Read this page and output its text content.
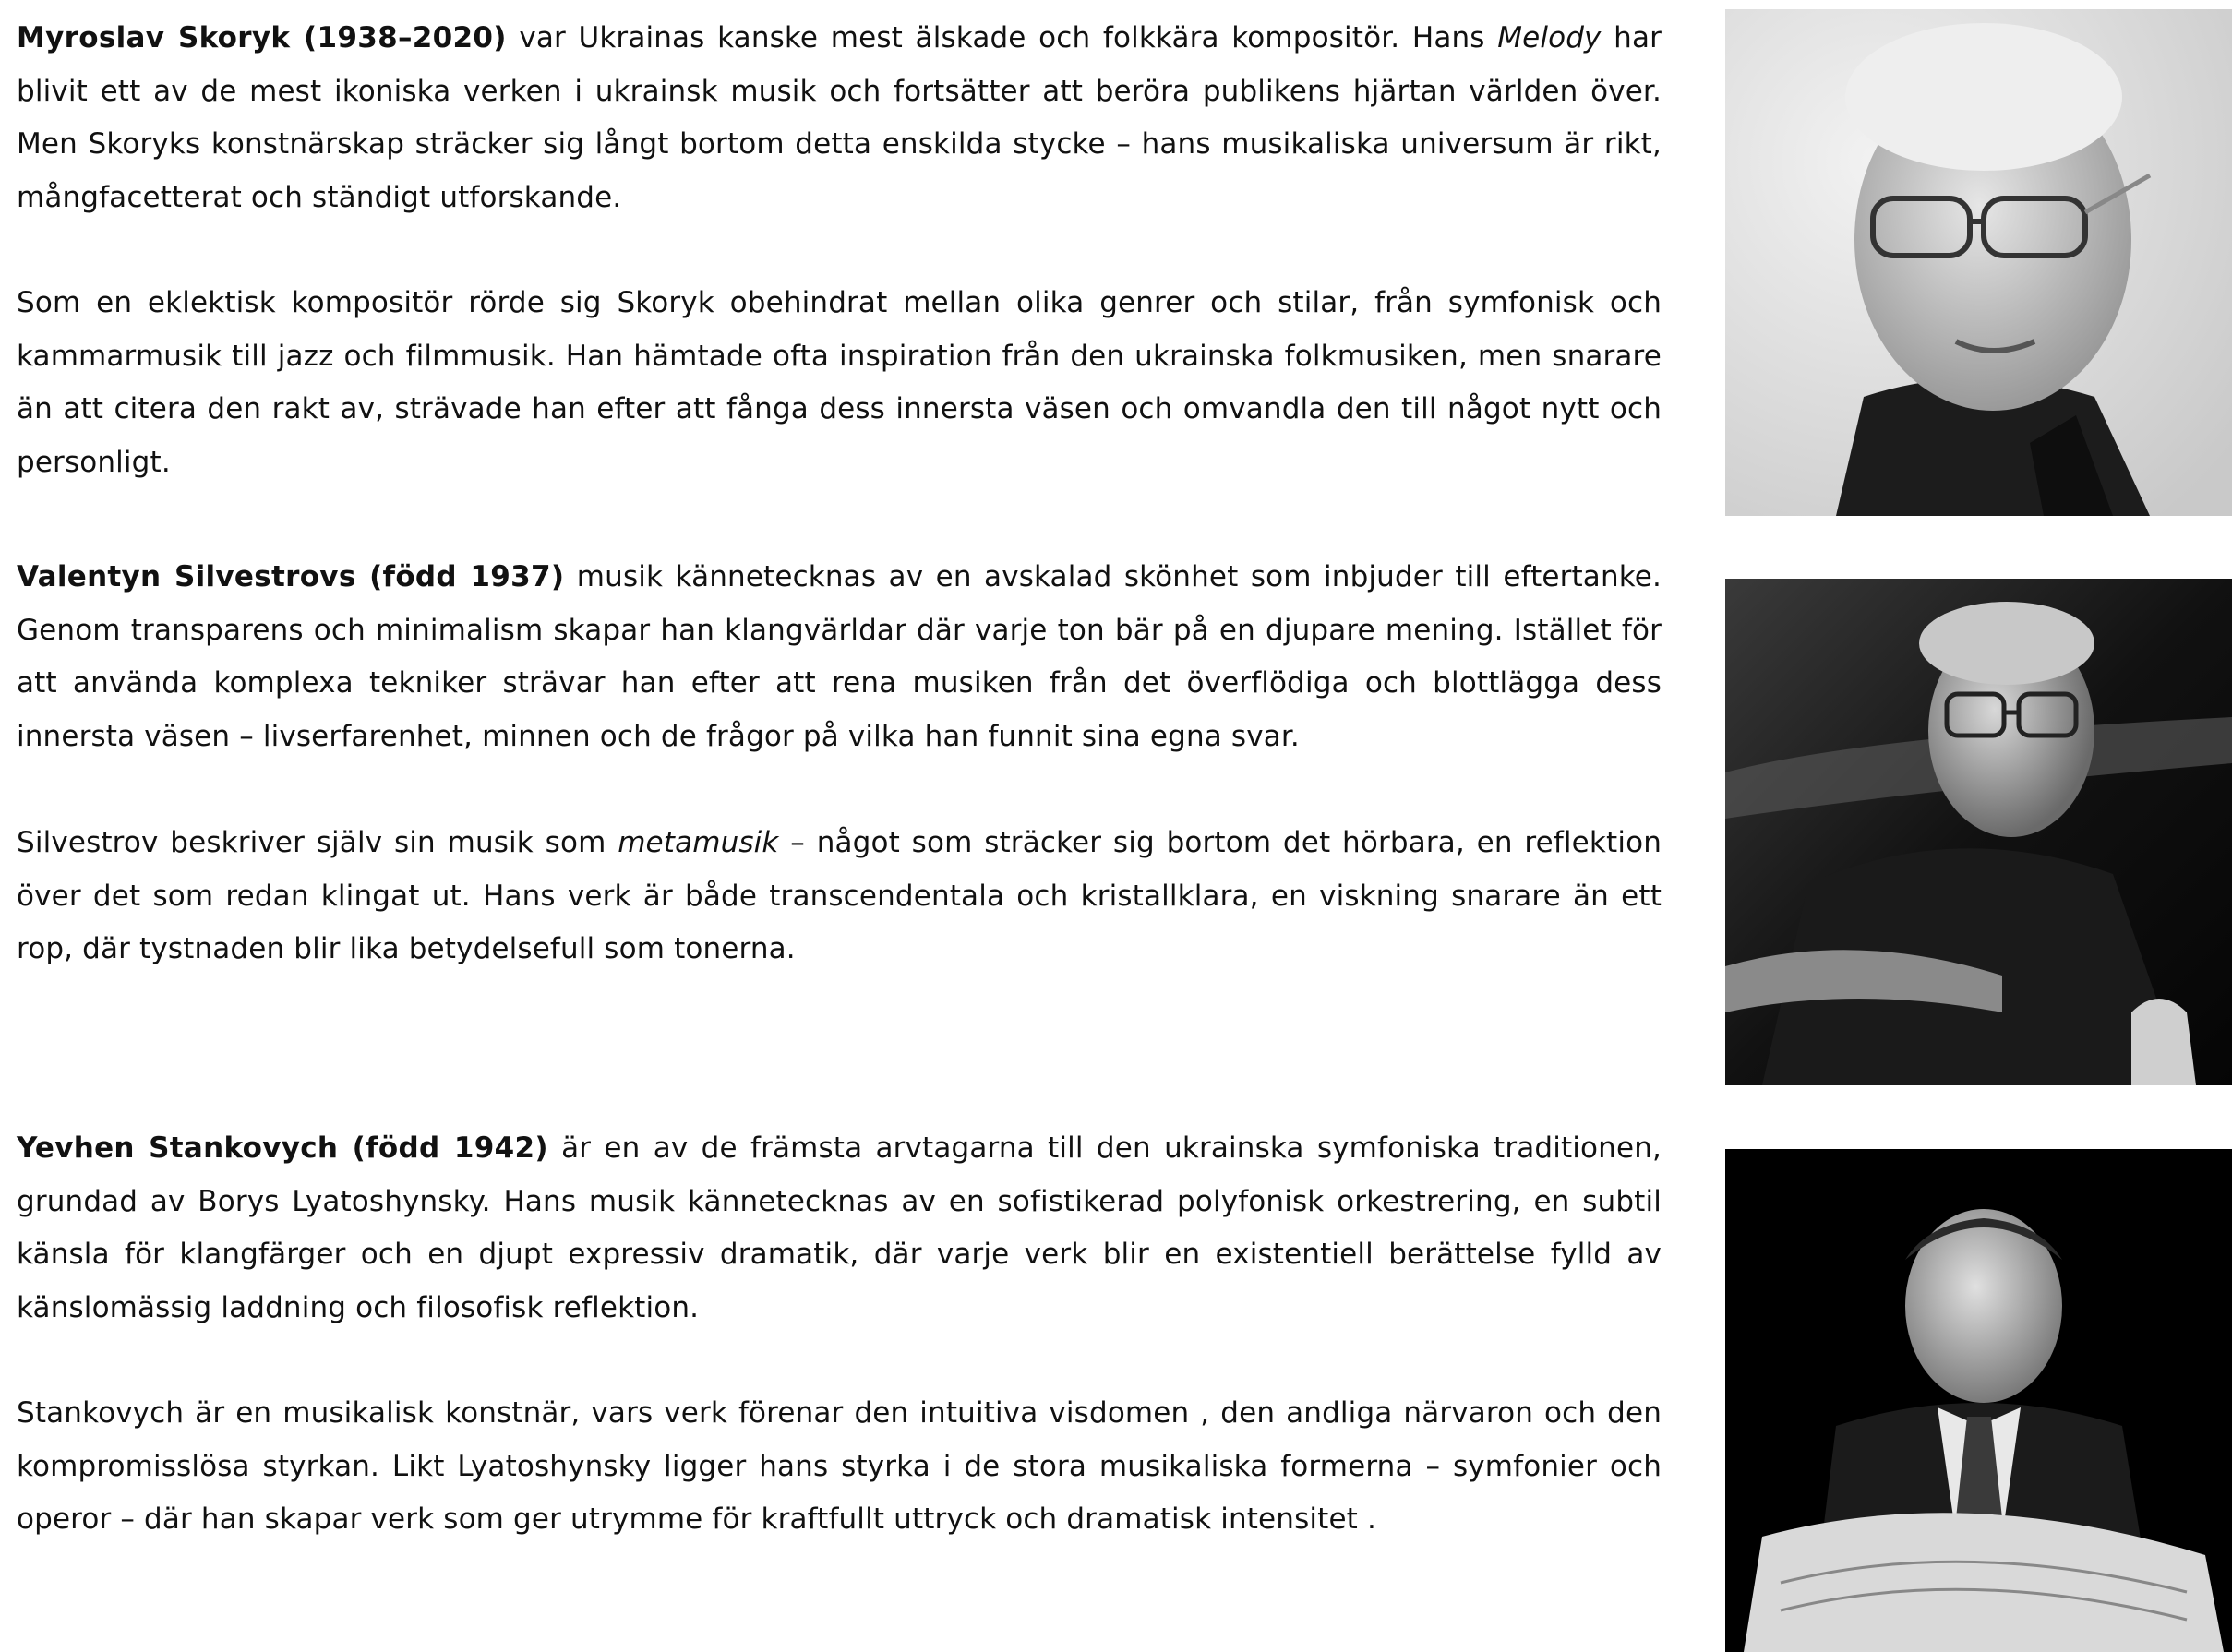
Myroslav Skoryk (1938–2020) var Ukrainas kanske mest älskade och folkkära kompositör. Hans Melody har blivit ett av de mest ikoniska verken i ukrainsk musik och fortsätter att beröra publikens hjärtan världen över. Men Skoryks konstnärskap sträcker sig långt bortom detta enskilda stycke – hans musikaliska universum är rikt, mångfacetterat och ständigt utforskande.

Som en eklektisk kompositör rörde sig Skoryk obehindrat mellan olika genrer och stilar, från symfonisk och kammarmusik till jazz och filmmusik. Han hämtade ofta inspiration från den ukrainska folkmusiken, men snarare än att citera den rakt av, strävade han efter att fånga dess innersta väsen och omvandla den till något nytt och personligt.

Valentyn Silvestrovs (född 1937) musik kännetecknas av en avskalad skönhet som inbjuder till eftertanke. Genom transparens och minimalism skapar han klangvärldar där varje ton bär på en djupare mening. Istället för att använda komplexa tekniker strävar han efter att rena musiken från det överflödiga och blottlägga dess innersta väsen – livserfarenhet, minnen och de frågor på vilka han funnit sina egna svar.

Silvestrov beskriver själv sin musik som metamusik – något som sträcker sig bortom det hörbara, en reflektion över det som redan klingat ut. Hans verk är både transcendentala och kristallklara, en viskning snarare än ett rop, där tystnaden blir lika betydelsefull som tonerna.

Yevhen Stankovych (född 1942) är en av de främsta arvtagarna till den ukrainska symfoniska traditionen, grundad av Borys Lyatoshynsky. Hans musik kännetecknas av en sofistikerad polyfonisk orkestrering, en subtil känsla för klangfärger och en djupt expressiv dramatik, där varje verk blir en existentiell berättelse fylld av känslomässig laddning och filosofisk reflektion.

Stankovych är en musikalisk konstnär, vars verk förenar den intuitiva visdomen , den andliga närvaron och den kompromisslösa styrkan. Likt Lyatoshynsky ligger hans styrka i de stora musikaliska formerna – symfonier och operor – där han skapar verk som ger utrymme för kraftfullt uttryck och dramatisk intensitet .
